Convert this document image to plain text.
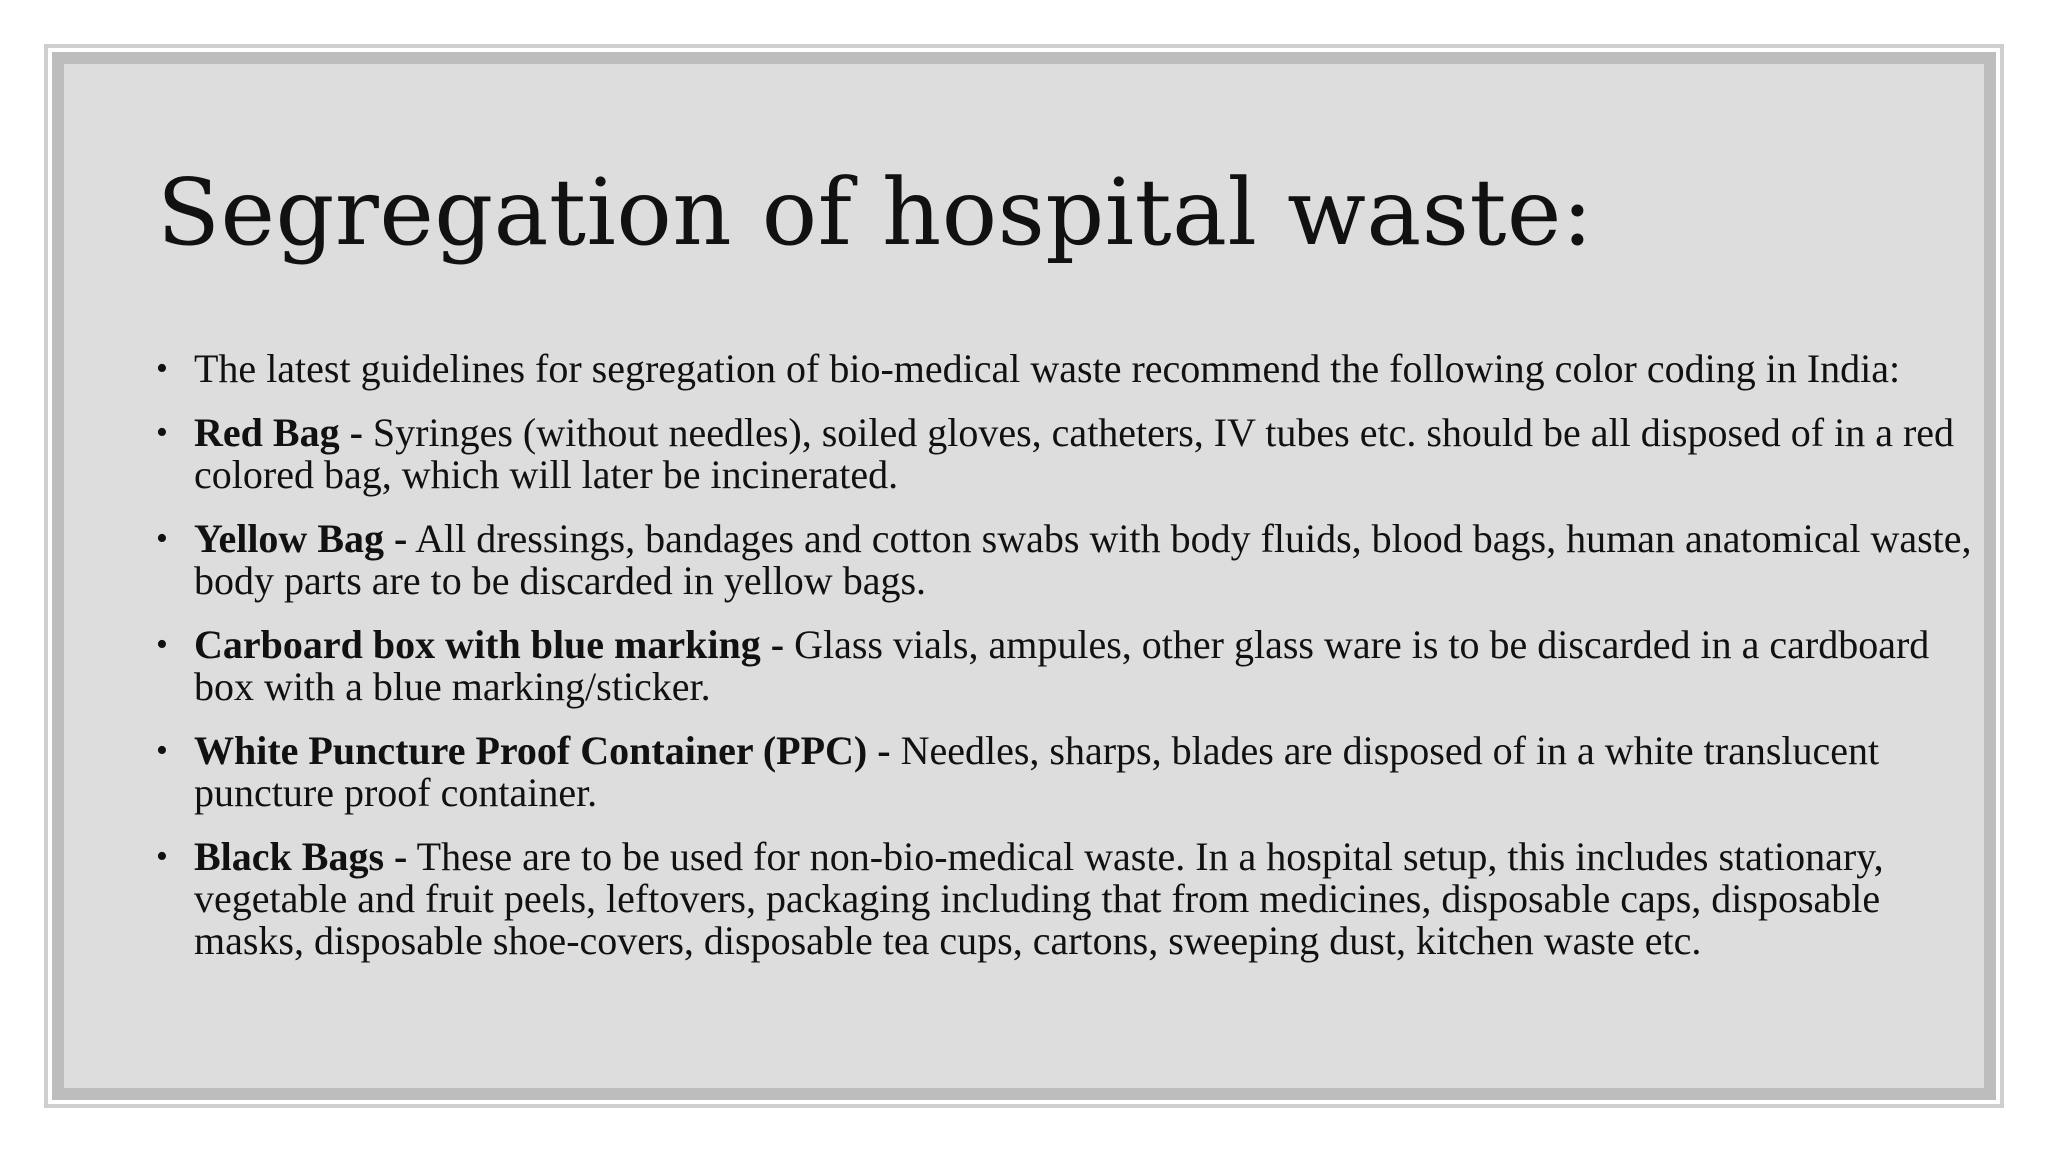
Segregation of hospital waste:
• The latest guidelines for segregation of bio-medical waste recommend the following color coding in India:
• Red Bag - Syringes (without needles), soiled gloves, catheters, IV tubes etc. should be all disposed of in a red colored bag, which will later be incinerated.
• Yellow Bag - All dressings, bandages and cotton swabs with body fluids, blood bags, human anatomical waste, body parts are to be discarded in yellow bags.
• Carboard box with blue marking - Glass vials, ampules, other glass ware is to be discarded in a cardboard box with a blue marking/sticker.
• White Puncture Proof Container (PPC) - Needles, sharps, blades are disposed of in a white translucent puncture proof container.
• Black Bags - These are to be used for non-bio-medical waste. In a hospital setup, this includes stationary, vegetable and fruit peels, leftovers, packaging including that from medicines, disposable caps, disposable masks, disposable shoe-covers, disposable tea cups, cartons, sweeping dust, kitchen waste etc.
